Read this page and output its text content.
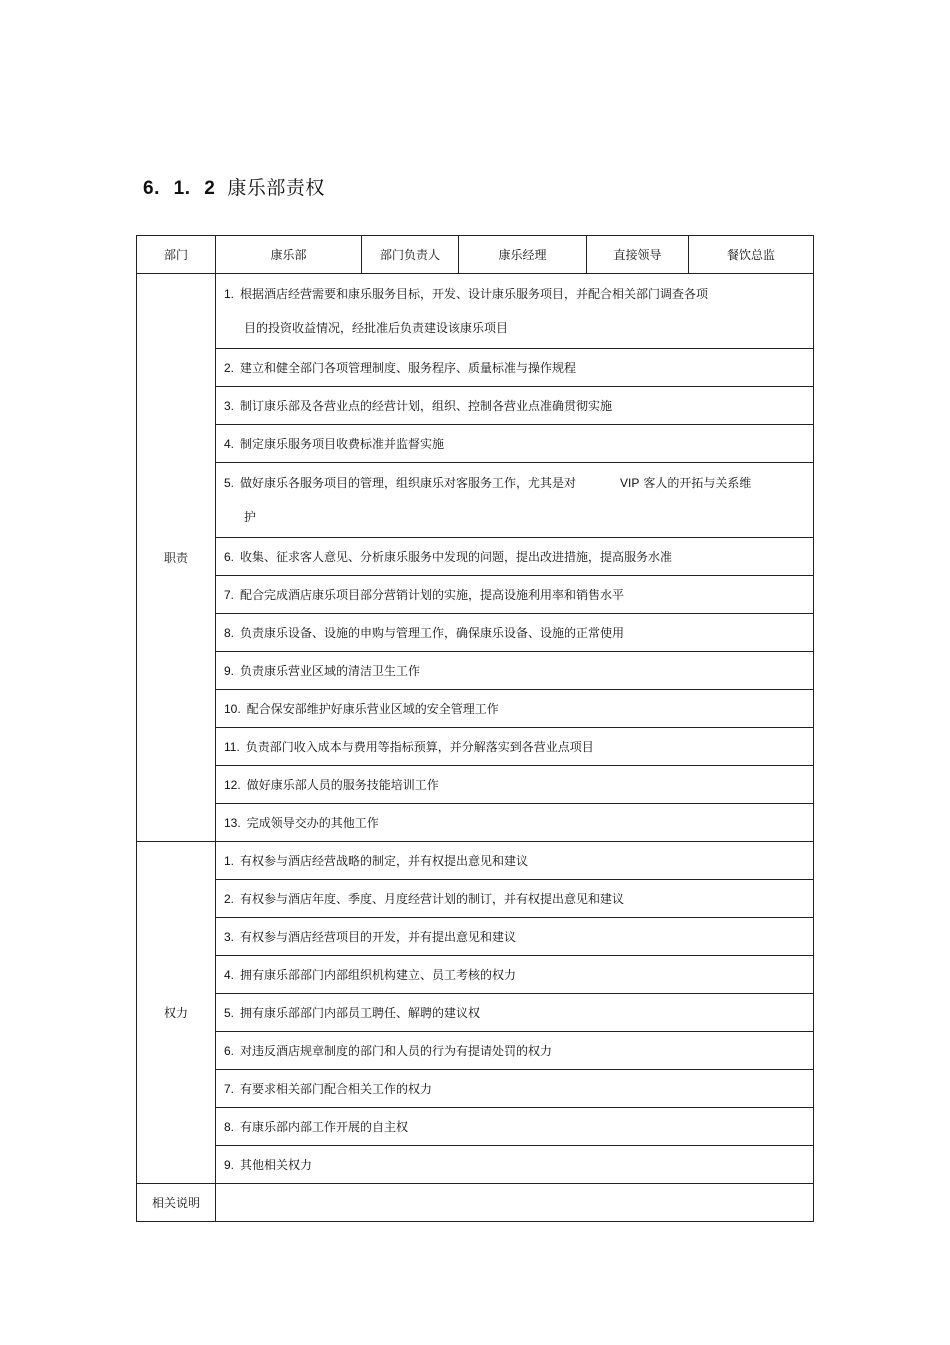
6. 1. 2 康乐部责权
部门	康乐部	部门负责人	康乐经理	直接领导	餐饮总监
职责	1. 根据酒店经营需要和康乐服务目标，开发、设计康乐服务项目，并配合相关部门调查各项
目的投资收益情况，经批准后负责建设该康乐项目				

	2. 建立和健全部门各项管理制度、服务程序、质量标准与操作规程				
	3. 制订康乐部及各营业点的经营计划，组织、控制各营业点准确贯彻实施				
	4. 制定康乐服务项目收费标准并监督实施				

	5. 做好康乐各服务项目的管理，组织康乐对客服务工作，尤其是对 VIP 客人的开拓与关系维
护				

	6. 收集、征求客人意见、分析康乐服务中发现的问题，提出改进措施，提高服务水准				
	7. 配合完成酒店康乐项目部分营销计划的实施，提高设施利用率和销售水平				
	8. 负责康乐设备、设施的申购与管理工作，确保康乐设备、设施的正常使用				
	9. 负责康乐营业区域的清洁卫生工作				
	10. 配合保安部维护好康乐营业区域的安全管理工作				
	11. 负责部门收入成本与费用等指标预算，并分解落实到各营业点项目				
	12. 做好康乐部人员的服务技能培训工作				
	13. 完成领导交办的其他工作				
权力	1. 有权参与酒店经营战略的制定，并有权提出意见和建议				
	2. 有权参与酒店年度、季度、月度经营计划的制订，并有权提出意见和建议				
	3. 有权参与酒店经营项目的开发，并有提出意见和建议				
	4. 拥有康乐部部门内部组织机构建立、员工考核的权力				
	5. 拥有康乐部部门内部员工聘任、解聘的建议权				
	6. 对违反酒店规章制度的部门和人员的行为有提请处罚的权力				
	7. 有要求相关部门配合相关工作的权力				
	8. 有康乐部内部工作开展的自主权				
	9. 其他相关权力				
相关说明					
